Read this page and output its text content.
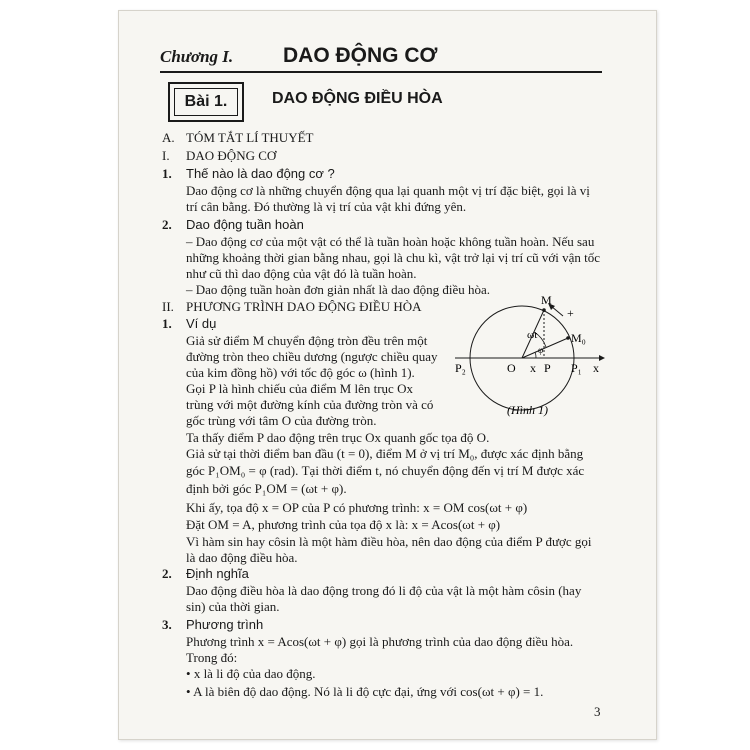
Chương I. DAO ĐỘNG CƠ
Bài 1.	DAO ĐỘNG ĐIỀU HÒA
A. TÓM TẮT LÍ THUYẾT
I. DAO ĐỘNG CƠ
1. Thế nào là dao động cơ ?
Dao động cơ là những chuyển động qua lại quanh một vị trí đặc biệt, gọi là vị
trí cân bằng. Đó thường là vị trí của vật khi đứng yên.
2. Dao động tuần hoàn
– Dao động cơ của một vật có thể là tuần hoàn hoặc không tuần hoàn. Nếu sau
những khoảng thời gian bằng nhau, gọi là chu kì, vật trở lại vị trí cũ với vận tốc
như cũ thì dao động của vật đó là tuần hoàn.
– Dao động tuần hoàn đơn giản nhất là dao động điều hòa.
II. PHƯƠNG TRÌNH DAO ĐỘNG ĐIỀU HÒA
1. Ví dụ
Giả sử điểm M chuyển động tròn đều trên một
đường tròn theo chiều dương (ngược chiều quay
của kim đồng hồ) với tốc độ góc ω (hình 1).
Gọi P là hình chiếu của điểm M lên trục Ox
trùng với một đường kính của đường tròn và có
gốc trùng với tâm O của đường tròn.
Ta thấy điểm P dao động trên trục Ox quanh gốc tọa độ O.
Giả sử tại thời điểm ban đầu (t = 0), điểm M ở vị trí M₀, được xác định bằng
góc P₁OM₀ = φ (rad). Tại thời điểm t, nó chuyển động đến vị trí M được xác
định bởi góc P₁OM = (ωt + φ).
Khi ấy, tọa độ x = OP của P có phương trình: x = OM cos(ωt + φ)
Đặt OM = A, phương trình của tọa độ x là: x = Acos(ωt + φ)
Vì hàm sin hay côsin là một hàm điều hòa, nên dao động của điểm P được gọi
là dao động điều hòa.
2. Định nghĩa
Dao động điều hòa là dao động trong đó li độ của vật là một hàm côsin (hay
sin) của thời gian.
3. Phương trình
Phương trình x = Acos(ωt + φ) gọi là phương trình của dao động điều hòa.
Trong đó:
• x là li độ của dao động.
• A là biên độ dao động. Nó là li độ cực đại, ứng với cos(ωt + φ) = 1.
M
+
M₀
ωt
φ
O x P
P₂	P₁ x
(Hình 1)
3
